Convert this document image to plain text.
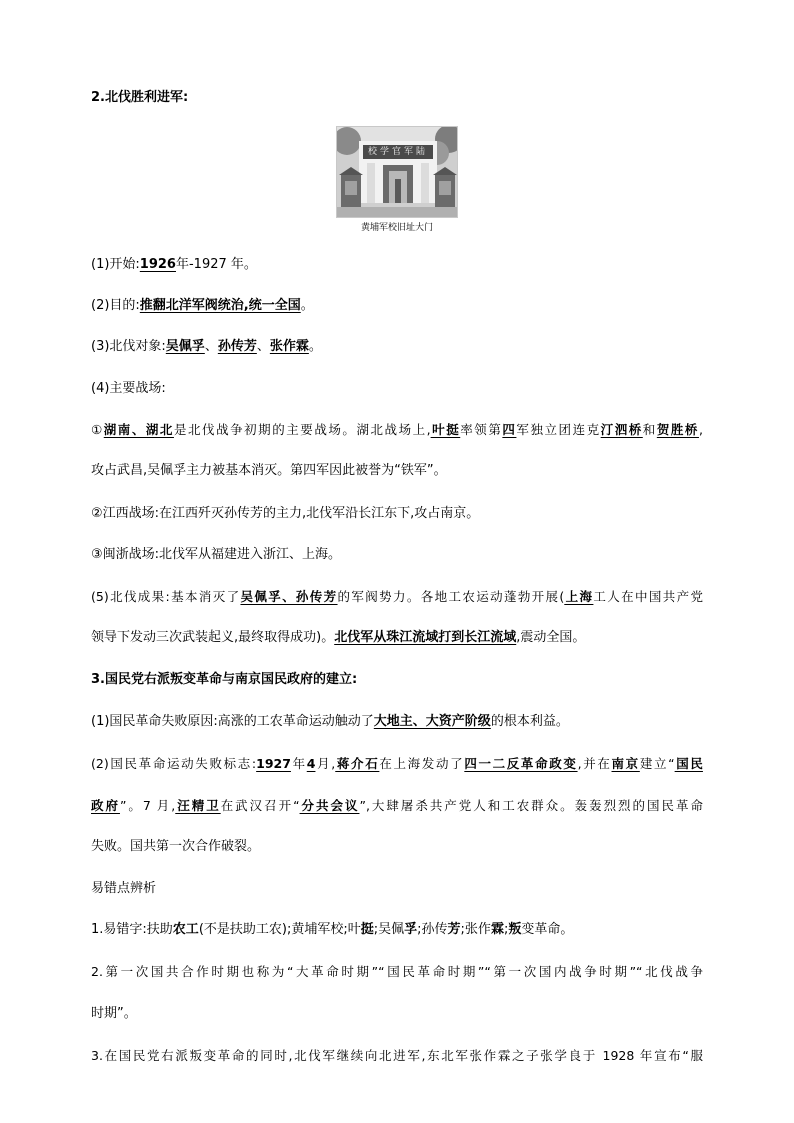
2.北伐胜利进军:
校学官军陆
黄埔军校旧址大门
(1)开始:1926年-1927 年。
(2)目的:推翻北洋军阀统治,统一全国。
(3)北伐对象:吴佩孚、孙传芳、张作霖。
(4)主要战场:
①湖南、湖北是北伐战争初期的主要战场。湖北战场上,叶挺率领第四军独立团连克汀泗桥和贺胜桥,
攻占武昌,吴佩孚主力被基本消灭。第四军因此被誉为“铁军”。
②江西战场:在江西歼灭孙传芳的主力,北伐军沿长江东下,攻占南京。
③闽浙战场:北伐军从福建进入浙江、上海。
(5)北伐成果:基本消灭了吴佩孚、孙传芳的军阀势力。各地工农运动蓬勃开展(上海工人在中国共产党
领导下发动三次武装起义,最终取得成功)。北伐军从珠江流域打到长江流域,震动全国。
3.国民党右派叛变革命与南京国民政府的建立:
(1)国民革命失败原因:高涨的工农革命运动触动了大地主、大资产阶级的根本利益。
(2)国民革命运动失败标志:1927年4月,蒋介石在上海发动了四一二反革命政变,并在南京建立“国民
政府”。7 月,汪精卫在武汉召开“分共会议”,大肆屠杀共产党人和工农群众。轰轰烈烈的国民革命
失败。国共第一次合作破裂。
易错点辨析
1.易错字:扶助农工(不是扶助工农);黄埔军校;叶挺;吴佩孚;孙传芳;张作霖;叛变革命。
2.第一次国共合作时期也称为“大革命时期”“国民革命时期”“第一次国内战争时期”“北伐战争
时期”。
3.在国民党右派叛变革命的同时,北伐军继续向北进军,东北军张作霖之子张学良于 1928 年宣布“服
